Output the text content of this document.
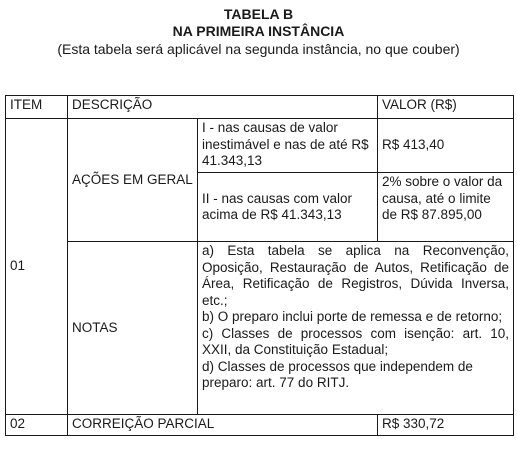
TABELA B
NA PRIMEIRA INSTÂNCIA
(Esta tabela será aplicável na segunda instância, no que couber)
ITEM	DESCRIÇÃO		VALOR (R$)
01	AÇÕES EM GERAL	I - nas causas de valor inestimável e nas de até R$ 41.343,13	R$ 413,40
		II - nas causas com valor acima de R$ 41.343,13	2% sobre o valor da causa, até o limite de R$ 87.895,00
	NOTAS	a) Esta tabela se aplica na Reconvenção, Oposição, Restauração de Autos, Retificação de Área, Retificação de Registros, Dúvida Inversa, etc.;
b) O preparo inclui porte de remessa e de retorno;
c) Classes de processos com isenção: art. 10, XXII, da Constituição Estadual;
d) Classes de processos que independem de preparo: art. 77 do RITJ.	

02	CORREIÇÃO PARCIAL		R$ 330,72
